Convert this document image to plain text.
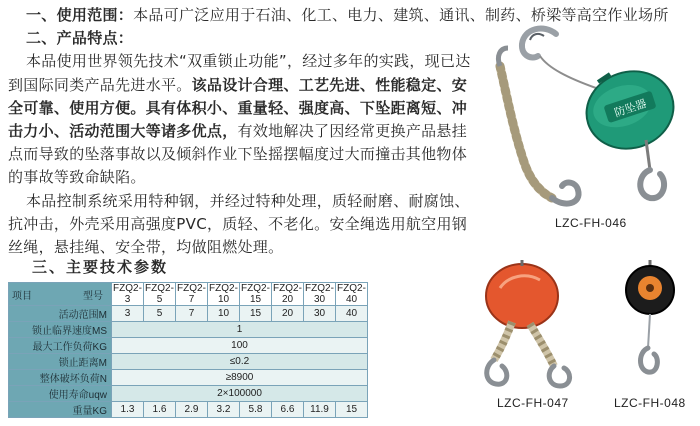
一、使用范围：本品可广泛应用于石油、化工、电力、建筑、通讯、制药、桥梁等高空作业场所

二、产品特点：

本品使用世界领先技术“双重锁止功能”，经过多年的实践，现已达到国际同类产品先进水平。该品设计合理、工艺先进、性能稳定、安全可靠、使用方便。具有体积小、重量轻、强度高、下坠距离短、冲击力小、活动范围大等诸多优点，有效地解决了因经常更换产品悬挂点而导致的坠落事故以及倾斜作业下坠摇摆幅度过大而撞击其他物体的事故等致命缺陷。

本品控制系统采用特种钢，并经过特种处理，质轻耐磨、耐腐蚀、抗冲击，外壳采用高强度PVC，质轻、不老化。安全绳选用航空用钢丝绳，悬挂绳、安全带，均做阻燃处理。

三、主要技术参数
项目 型号	FZQ2-3	FZQ2-5	FZQ2-7	FZQ2-10	FZQ2-15	FZQ2-20	FZQ2-30	FZQ2-40
活动范围M	3	5	7	10	15	20	30	40
锁止临界速度MS	1							
最大工作负荷KG	100							
锁止距离M	≤0.2							
整体破坏负荷N	≥8900							
使用寿命uqw	2×100000							
重量KG	1.3	1.6	2.9	3.2	5.8	6.6	11.9	15
防坠器
LZC-FH-046
LZC-FH-047	LZC-FH-048
